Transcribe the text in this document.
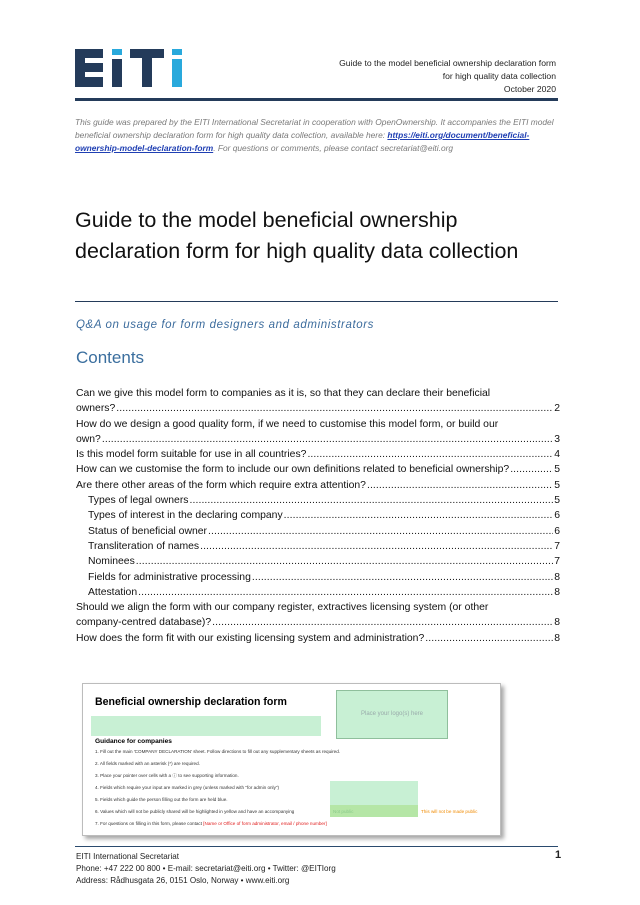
Guide to the model beneficial ownership declaration form
for high quality data collection
October 2020
This guide was prepared by the EITI International Secretariat in cooperation with OpenOwnership. It accompanies the EITI model beneficial ownership declaration form for high quality data collection, available here: https://eiti.org/document/beneficial-ownership-model-declaration-form. For questions or comments, please contact secretariat@eiti.org
Guide to the model beneficial ownership declaration form for high quality data collection
Q&A on usage for form designers and administrators
Contents
Can we give this model form to companies as it is, so that they can declare their beneficial
owners? .....	2
How do we design a good quality form, if we need to customise this model form, or build our
own? .....	3
Is this model form suitable for use in all countries? .....	4
How can we customise the form to include our own definitions related to beneficial ownership? .....	5
Are there other areas of the form which require extra attention? .....	5
Types of legal owners .....	5
Types of interest in the declaring company .....	6
Status of beneficial owner .....	6
Transliteration of names .....	7
Nominees .....	7
Fields for administrative processing .....	8
Attestation .....	8
Should we align the form with our company register, extractives licensing system (or other
company-centred database)? .....	8
How does the form fit with our existing licensing system and administration? .....	8
Beneficial ownership declaration form
Place your logo(s) here
Guidance for companies
1. Fill out the main 'COMPANY DECLARATION' sheet. Follow directions to fill out any supplementary sheets as required.
2. All fields marked with an asterisk (*) are required.
3. Place your pointer over cells with a ⓘ to see supporting information.
4. Fields which require your input are marked in grey (unless marked with "for admin only")
5. Fields which guide the person filling out the form are held blue.
6. Values which will not be publicly shared will be highlighted in yellow and have an accompanying	Not public	This will not be made public
7. For questions on filling in this form, please contact [Name or Office of form administrator, email / phone number]
EITI International Secretariat
Phone: +47 222 00 800 • E-mail: secretariat@eiti.org • Twitter: @EITIorg
Address: Rådhusgata 26, 0151 Oslo, Norway • www.eiti.org
1
